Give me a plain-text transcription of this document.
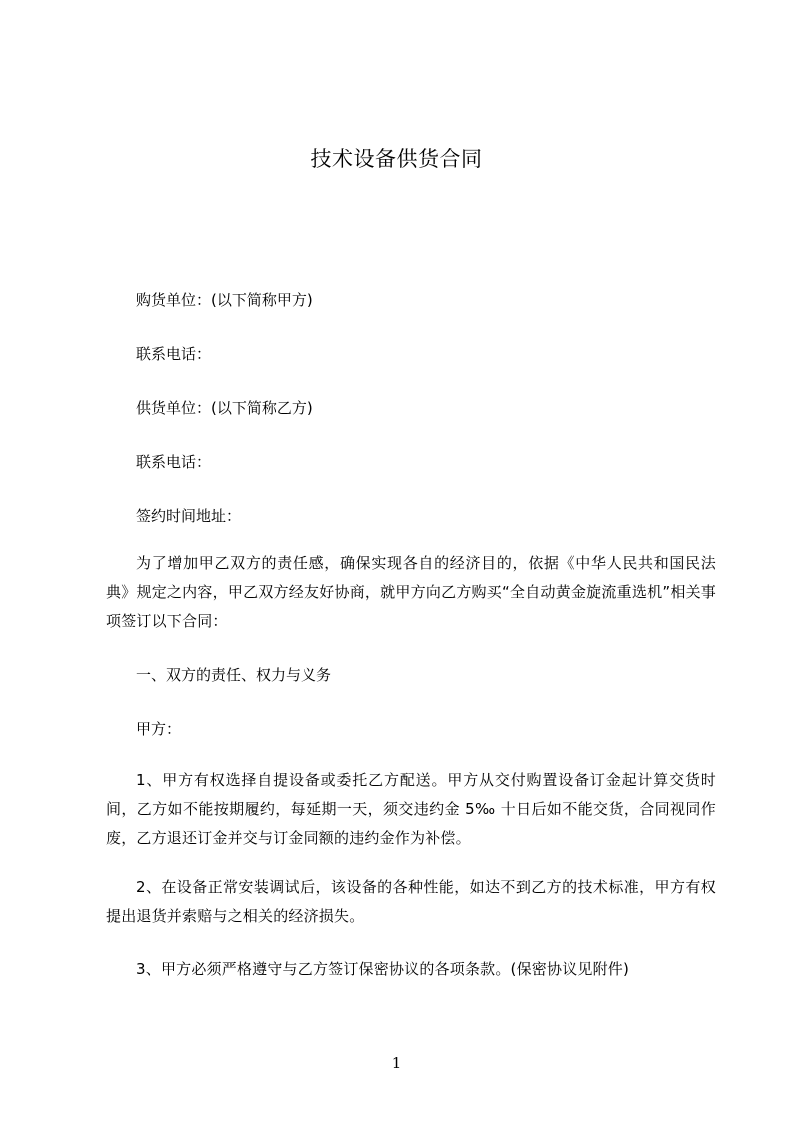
技术设备供货合同
购货单位：(以下简称甲方)
联系电话：
供货单位：(以下简称乙方)
联系电话：
签约时间地址：
为了增加甲乙双方的责任感，确保实现各自的经济目的，依据《中华人民共和国民法典》规定之内容，甲乙双方经友好协商，就甲方向乙方购买“全自动黄金旋流重选机”相关事项签订以下合同：
一、双方的责任、权力与义务
甲方：
1、甲方有权选择自提设备或委托乙方配送。甲方从交付购置设备订金起计算交货时间，乙方如不能按期履约，每延期一天，须交违约金 5‰ 十日后如不能交货，合同视同作废，乙方退还订金并交与订金同额的违约金作为补偿。
2、在设备正常安装调试后，该设备的各种性能，如达不到乙方的技术标准，甲方有权提出退货并索赔与之相关的经济损失。
3、甲方必须严格遵守与乙方签订保密协议的各项条款。(保密协议见附件)
1
